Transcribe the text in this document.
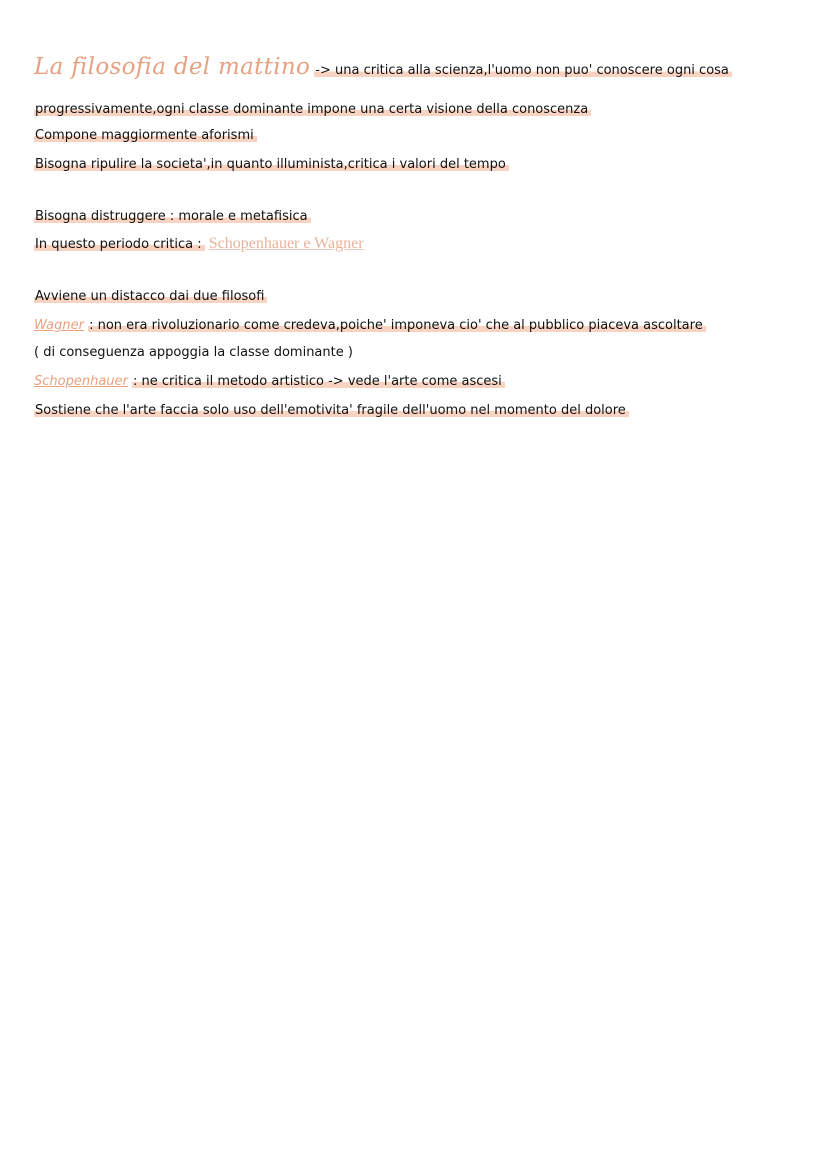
La filosofia del mattino -> una critica alla scienza,l'uomo non puo' conoscere ogni cosa
progressivamente,ogni classe dominante impone una certa visione della conoscenza
Compone maggiormente aforismi
Bisogna ripulire la societa',in quanto illuminista,critica i valori del tempo
Bisogna distruggere : morale e metafisica
In questo periodo critica : Schopenhauer e Wagner
Avviene un distacco dai due filosofi
Wagner : non era rivoluzionario come credeva,poiche' imponeva cio' che al pubblico piaceva ascoltare
( di conseguenza appoggia la classe dominante )
Schopenhauer : ne critica il metodo artistico -> vede l'arte come ascesi
Sostiene che l'arte faccia solo uso dell'emotivita' fragile dell'uomo nel momento del dolore
